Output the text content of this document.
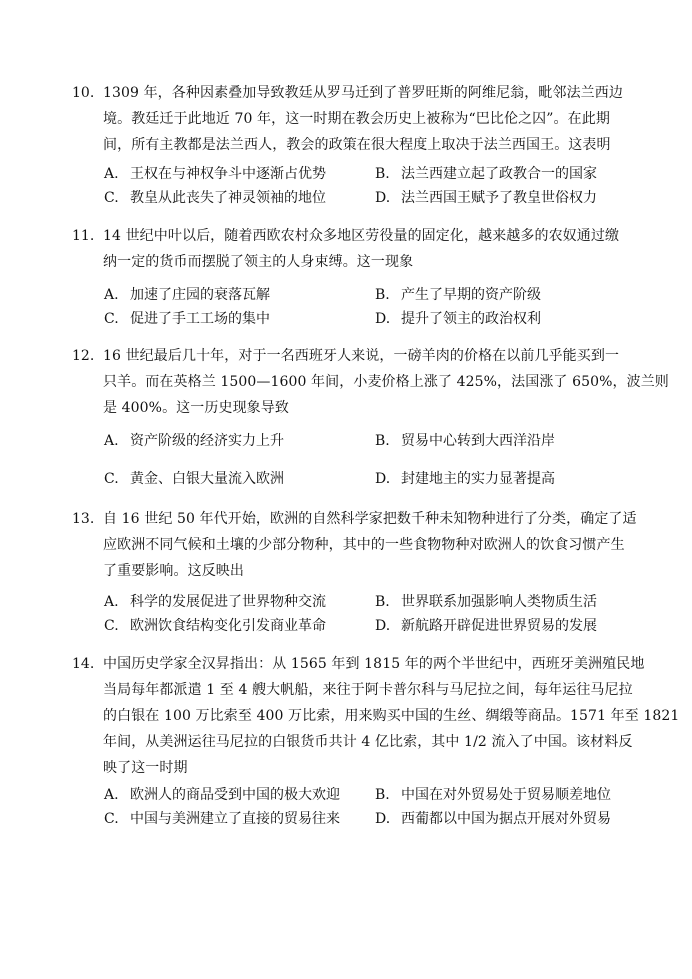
10. 1309 年，各种因素叠加导致教廷从罗马迁到了普罗旺斯的阿维尼翁，毗邻法兰西边
境。教廷迁于此地近 70 年，这一时期在教会历史上被称为“巴比伦之囚”。在此期
间，所有主教都是法兰西人，教会的政策在很大程度上取决于法兰西国王。这表明
A. 王权在与神权争斗中逐渐占优势	B. 法兰西建立起了政教合一的国家
C. 教皇从此丧失了神灵领袖的地位	D. 法兰西国王赋予了教皇世俗权力
11. 14 世纪中叶以后，随着西欧农村众多地区劳役量的固定化，越来越多的农奴通过缴
纳一定的货币而摆脱了领主的人身束缚。这一现象
A. 加速了庄园的衰落瓦解	B. 产生了早期的资产阶级
C. 促进了手工工场的集中	D. 提升了领主的政治权利
12. 16 世纪最后几十年，对于一名西班牙人来说，一磅羊肉的价格在以前几乎能买到一
只羊。而在英格兰 1500—1600 年间，小麦价格上涨了 425%，法国涨了 650%，波兰则
是 400%。这一历史现象导致
A. 资产阶级的经济实力上升	B. 贸易中心转到大西洋沿岸
C. 黄金、白银大量流入欧洲	D. 封建地主的实力显著提高
13. 自 16 世纪 50 年代开始，欧洲的自然科学家把数千种未知物种进行了分类，确定了适
应欧洲不同气候和土壤的少部分物种，其中的一些食物物种对欧洲人的饮食习惯产生
了重要影响。这反映出
A. 科学的发展促进了世界物种交流	B. 世界联系加强影响人类物质生活
C. 欧洲饮食结构变化引发商业革命	D. 新航路开辟促进世界贸易的发展
14. 中国历史学家全汉昇指出：从 1565 年到 1815 年的两个半世纪中，西班牙美洲殖民地
当局每年都派遣 1 至 4 艘大帆船，来往于阿卡普尔科与马尼拉之间，每年运往马尼拉
的白银在 100 万比索至 400 万比索，用来购买中国的生丝、绸缎等商品。1571 年至 1821
年间，从美洲运往马尼拉的白银货币共计 4 亿比索，其中 1/2 流入了中国。该材料反
映了这一时期
A. 欧洲人的商品受到中国的极大欢迎	B. 中国在对外贸易处于贸易顺差地位
C. 中国与美洲建立了直接的贸易往来	D. 西葡都以中国为据点开展对外贸易
